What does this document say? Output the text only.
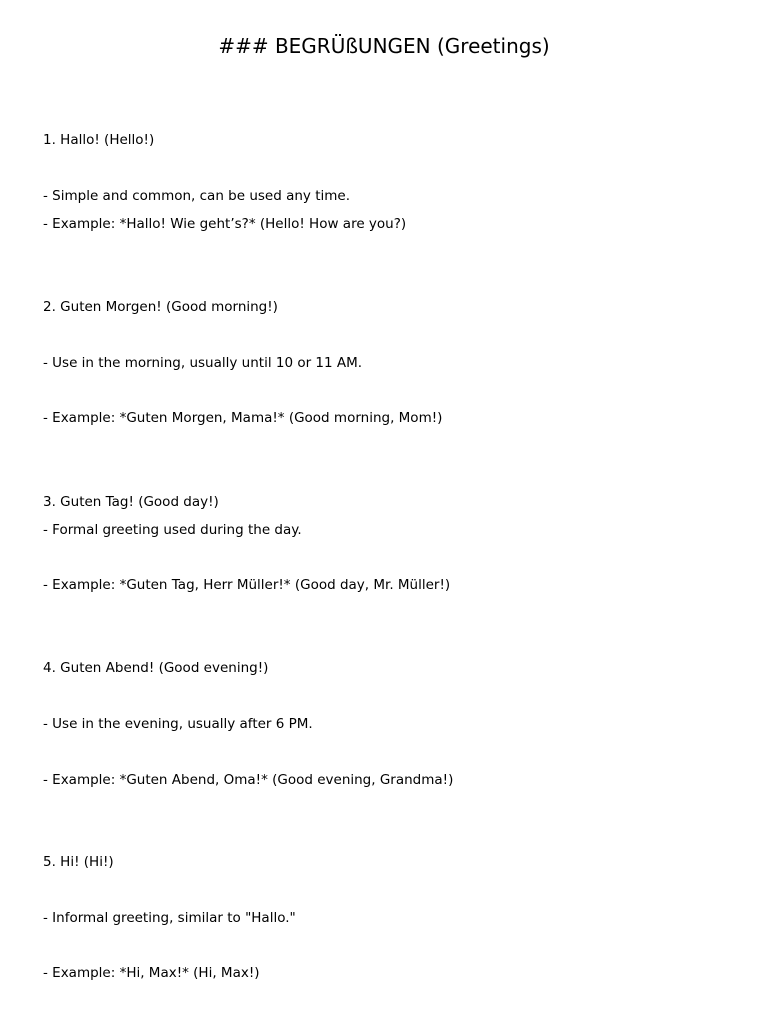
### BEGRÜßUNGEN (Greetings)
1. Hallo! (Hello!)
- Simple and common, can be used any time.
- Example: *Hallo! Wie geht’s?* (Hello! How are you?)
2. Guten Morgen! (Good morning!)
- Use in the morning, usually until 10 or 11 AM.
- Example: *Guten Morgen, Mama!* (Good morning, Mom!)
3. Guten Tag! (Good day!)
- Formal greeting used during the day.
- Example: *Guten Tag, Herr Müller!* (Good day, Mr. Müller!)
4. Guten Abend! (Good evening!)
- Use in the evening, usually after 6 PM.
- Example: *Guten Abend, Oma!* (Good evening, Grandma!)
5. Hi! (Hi!)
- Informal greeting, similar to "Hallo."
- Example: *Hi, Max!* (Hi, Max!)
